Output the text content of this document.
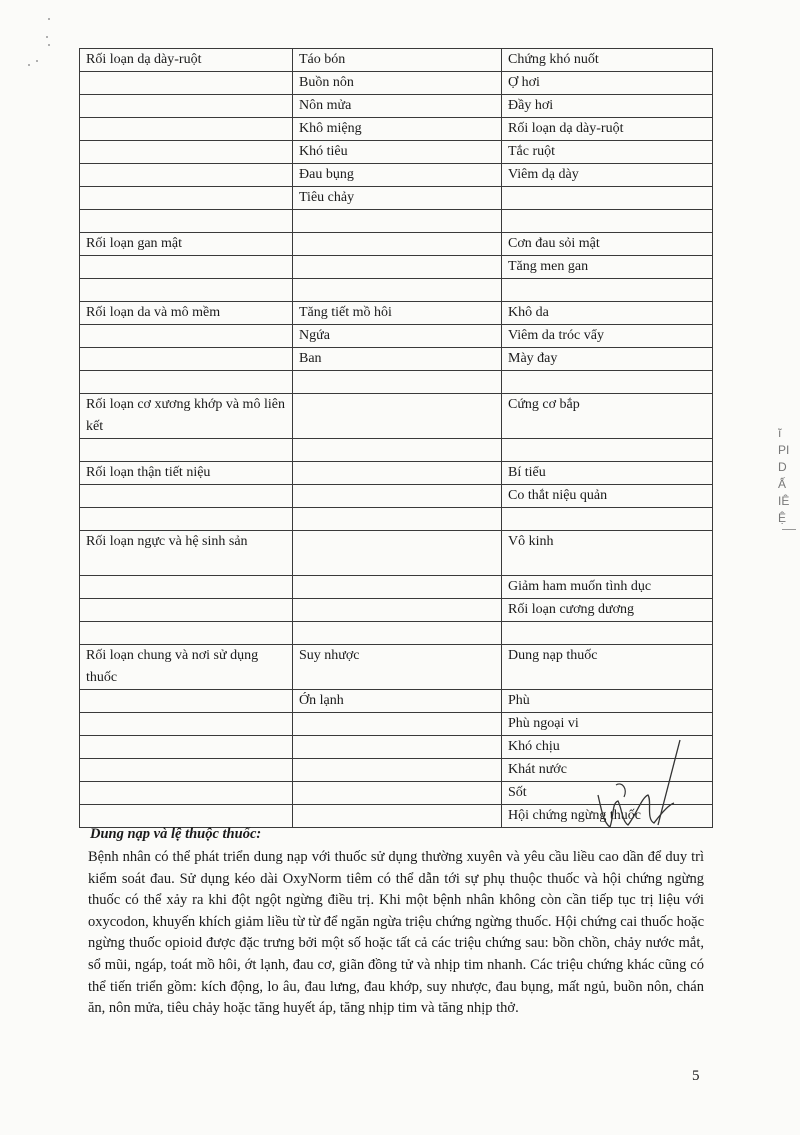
ĩ
PI
D
Ấ
IÊ
Ệ
Rối loạn dạ dày-ruột	Táo bón	Chứng khó nuốt
	Buồn nôn	Ợ hơi
	Nôn mửa	Đầy hơi
	Khô miệng	Rối loạn dạ dày-ruột
	Khó tiêu	Tắc ruột
	Đau bụng	Viêm dạ dày
	Tiêu chảy	

Rối loạn gan mật		Cơn đau sỏi mật
		Tăng men gan

Rối loạn da và mô mềm	Tăng tiết mồ hôi	Khô da
	Ngứa	Viêm da tróc vẩy
	Ban	Mày đay

Rối loạn cơ xương khớp và mô liên kết		Cứng cơ bắp

Rối loạn thận tiết niệu		Bí tiểu
		Co thắt niệu quản

Rối loạn ngực và hệ sinh sản		Vô kinh
		Giảm ham muốn tình dục
		Rối loạn cương dương

Rối loạn chung và nơi sử dụng thuốc	Suy nhược	Dung nạp thuốc
	Ớn lạnh	Phù
		Phù ngoại vi
		Khó chịu
		Khát nước
		Sốt
		Hội chứng ngừng thuốc
Dung nạp và lệ thuộc thuốc:

Bệnh nhân có thể phát triển dung nạp với thuốc sử dụng thường xuyên và yêu cầu liều cao dần để duy trì kiểm soát đau. Sử dụng kéo dài OxyNorm tiêm có thể dẫn tới sự phụ thuộc thuốc và hội chứng ngừng thuốc có thể xảy ra khi đột ngột ngừng điều trị. Khi một bệnh nhân không còn cần tiếp tục trị liệu với oxycodon, khuyến khích giảm liều từ từ để ngăn ngừa triệu chứng ngừng thuốc. Hội chứng cai thuốc hoặc ngừng thuốc opioid được đặc trưng bởi một số hoặc tất cả các triệu chứng sau: bồn chồn, chảy nước mắt, sổ mũi, ngáp, toát mồ hôi, ớt lạnh, đau cơ, giãn đồng tử và nhịp tim nhanh. Các triệu chứng khác cũng có thể tiến triển gồm: kích động, lo âu, đau lưng, đau khớp, suy nhược, đau bụng, mất ngủ, buồn nôn, chán ăn, nôn mửa, tiêu chảy hoặc tăng huyết áp, tăng nhịp tim và tăng nhịp thở.

5
